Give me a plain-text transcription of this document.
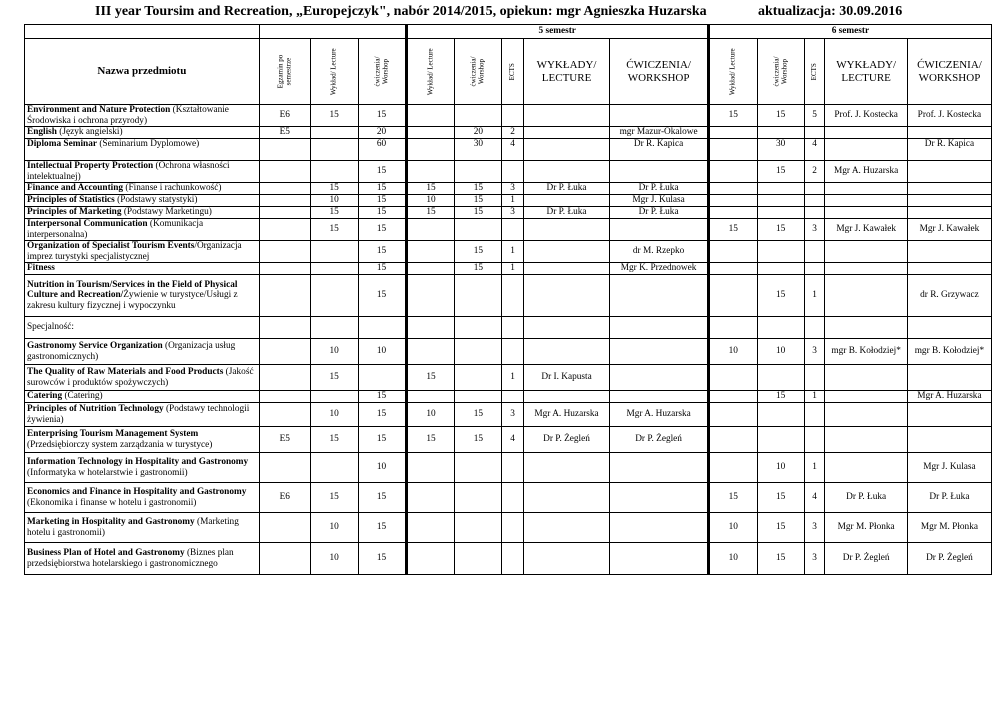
III year Toursim and Recreation, „Europejczyk", nabór 2014/2015, opiekun: mgr Agnieszka Huzarska	aktualizacja: 30.09.2016
				5 semestr					6 semestr				
Nazwa przedmiotu	Egzamin po semestrze	Wykład/ Lecture	ćwiczenia/ Worshop	Wykład/ Lecture	ćwiczenia/ Worshop	ECTS	WYKŁADY/ LECTURE	ĆWICZENIA/ WORKSHOP	Wykład/ Lecture	ćwiczenia/ Worshop	ECTS	WYKŁADY/ LECTURE	ĆWICZENIA/ WORKSHOP
Environment and Nature Protection (Kształtowanie Środowiska i ochrona przyrody)	E6	15	15						15	15	5	Prof. J. Kostecka	Prof. J. Kostecka
English (Język angielski)	E5		20		20	2		mgr Mazur-Okalowe					
Diploma Seminar (Seminarium Dyplomowe)			60		30	4		Dr R. Kapica		30	4		Dr R. Kapica
Intellectual Property Protection (Ochrona własności intelektualnej)			15							15	2	Mgr A. Huzarska	
Finance and Accounting (Finanse i rachunkowość)		15	15	15	15	3	Dr P. Łuka	Dr P. Łuka					
Principles of Statistics (Podstawy statystyki)		10	15	10	15	1		Mgr J. Kulasa					
Principles of Marketing (Podstawy Marketingu)		15	15	15	15	3	Dr P. Łuka	Dr P. Łuka					
Interpersonal Communication (Komunikacja interpersonalna)		15	15						15	15	3	Mgr J. Kawałek	Mgr J. Kawałek
Organization of Specialist Tourism Events/Organizacja imprez turystyki specjalistycznej			15		15	1		dr M. Rzepko					
Fitness			15		15	1		Mgr K. Przednowek					
Nutrition in Tourism/Services in the Field of Physical Culture and Recreation/Żywienie w turystyce/Usługi z zakresu kultury fizycznej i wypoczynku			15							15	1		dr R. Grzywacz
Specjalność:													
Gastronomy Service Organization (Organizacja usług gastronomicznych)		10	10						10	10	3	mgr B. Kołodziej*	mgr B. Kołodziej*
The Quality of Raw Materials and Food Products (Jakość surowców i produktów spożywczych)		15		15		1	Dr I. Kapusta						
Catering (Catering)			15							15	1		Mgr A. Huzarska
Principles of Nutrition Technology (Podstawy technologii żywienia)		10	15	10	15	3	Mgr A. Huzarska	Mgr A. Huzarska					
Enterprising Tourism Management System (Przedsiębiorczy system zarządzania w turystyce)	E5	15	15	15	15	4	Dr P. Żegleń	Dr P. Żegleń					
Information Technology in Hospitality and Gastronomy (Informatyka w hotelarstwie i gastronomii)			10							10	1		Mgr J. Kulasa
Economics and Finance in Hospitality and Gastronomy (Ekonomika i finanse w hotelu i gastronomii)	E6	15	15						15	15	4	Dr P. Łuka	Dr P. Łuka
Marketing in Hospitality and Gastronomy (Marketing hotelu i gastronomii)		10	15						10	15	3	Mgr M. Płonka	Mgr M. Płonka
Business Plan of Hotel and Gastronomy (Biznes plan przedsiębiorstwa hotelarskiego i gastronomicznego		10	15						10	15	3	Dr P. Żegleń	Dr P. Żegleń
